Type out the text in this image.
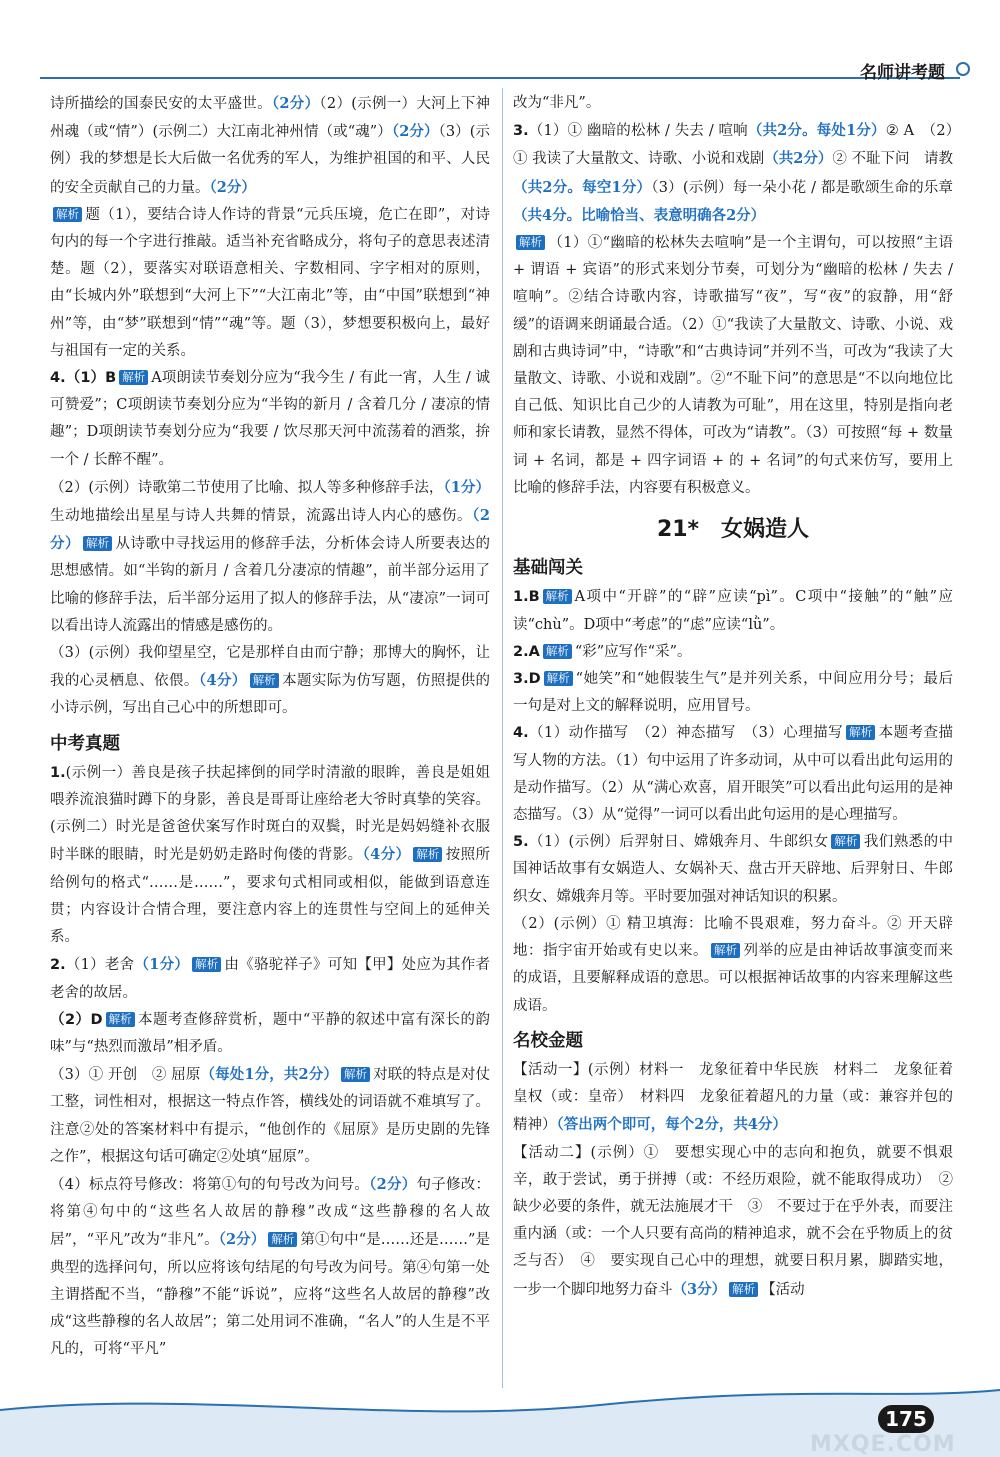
名师讲考题

诗所描绘的国泰民安的太平盛世。（2分）（2）(示例一）大河上下神州魂（或“情”）(示例二）大江南北神州情（或“魂”）（2分）（3）(示例）我的梦想是长大后做一名优秀的军人，为维护祖国的和平、人民的安全贡献自己的力量。（2分）

解析 题（1），要结合诗人作诗的背景“元兵压境，危亡在即”，对诗句内的每一个字进行推敲。适当补充省略成分，将句子的意思表述清楚。题（2），要落实对联语意相关、字数相同、字字相对的原则，由“长城内外”联想到“大河上下”“大江南北”等，由“中国”联想到“神州”等，由“梦”联想到“情”“魂”等。题（3），梦想要积极向上，最好与祖国有一定的关系。

4.（1）B 解析 A项朗读节奏划分应为“我今生 / 有此一宵，人生 / 诚可赞爱”；C项朗读节奏划分应为“半钩的新月 / 含着几分 / 凄凉的情趣”；D项朗读节奏划分应为“我要 / 饮尽那天河中流荡着的酒浆，拚一个 / 长醉不醒”。

（2）(示例）诗歌第二节使用了比喻、拟人等多种修辞手法，（1分）生动地描绘出星星与诗人共舞的情景，流露出诗人内心的感伤。（2分） 解析 从诗歌中寻找运用的修辞手法，分析体会诗人所要表达的思想感情。如“半钩的新月 / 含着几分凄凉的情趣”，前半部分运用了比喻的修辞手法，后半部分运用了拟人的修辞手法，从“凄凉”一词可以看出诗人流露出的情感是感伤的。

（3）(示例）我仰望星空，它是那样自由而宁静；那博大的胸怀，让我的心灵栖息、依偎。（4分） 解析 本题实际为仿写题，仿照提供的小诗示例，写出自己心中的所想即可。

中考真题

1.(示例一）善良是孩子扶起摔倒的同学时清澈的眼眸，善良是姐姐喂养流浪猫时蹲下的身影，善良是哥哥让座给老大爷时真挚的笑容。(示例二）时光是爸爸伏案写作时斑白的双鬓，时光是妈妈缝补衣服时半眯的眼睛，时光是奶奶走路时佝偻的背影。（4分） 解析 按照所给例句的格式“……是……”，要求句式相同或相似，能做到语意连贯；内容设计合情合理，要注意内容上的连贯性与空间上的延伸关系。

2.（1）老舍（1分） 解析 由《骆驼祥子》可知【甲】处应为其作者老舍的故居。

（2）D 解析 本题考查修辞赏析，题中“平静的叙述中富有深长的韵味”与“热烈而激昂”相矛盾。

（3）① 开创　② 屈原（每处1分，共2分） 解析 对联的特点是对仗工整，词性相对，根据这一特点作答，横线处的词语就不难填写了。注意②处的答案材料中有提示，“他创作的《屈原》是历史剧的先锋之作”，根据这句话可确定②处填“屈原”。

（4）标点符号修改：将第①句的句号改为问号。（2分）句子修改：将第④句中的“这些名人故居的静穆”改成“这些静穆的名人故居”，“平凡”改为“非凡”。（2分） 解析 第①句中“是……还是……”是典型的选择问句，所以应将该句结尾的句号改为问号。第④句第一处主谓搭配不当，“静穆”不能“诉说”，应将“这些名人故居的静穆”改成“这些静穆的名人故居”；第二处用词不准确，“名人”的人生是不平凡的，可将“平凡”

改为“非凡”。

3.（1）① 幽暗的松林 / 失去 / 喧响（共2分。每处1分）② A　（2）① 我读了大量散文、诗歌、小说和戏剧（共2分）② 不耻下问　请教（共2分。每空1分）（3）(示例）每一朵小花 / 都是歌颂生命的乐章（共4分。比喻恰当、表意明确各2分）

解析 （1）①“幽暗的松林失去喧响”是一个主谓句，可以按照“主语 + 谓语 + 宾语”的形式来划分节奏，可划分为“幽暗的松林 / 失去 / 喧响”。②结合诗歌内容，诗歌描写“夜”，写“夜”的寂静，用“舒缓”的语调来朗诵最合适。（2）①“我读了大量散文、诗歌、小说、戏剧和古典诗词”中，“诗歌”和“古典诗词”并列不当，可改为“我读了大量散文、诗歌、小说和戏剧”。②“不耻下问”的意思是“不以向地位比自己低、知识比自己少的人请教为可耻”，用在这里，特别是指向老师和家长请教，显然不得体，可改为“请教”。（3）可按照“每 + 数量词 + 名词，都是 + 四字词语 + 的 + 名词”的句式来仿写，要用上比喻的修辞手法，内容要有积极意义。

21*　女娲造人
基础闯关

1.B 解析 A项中“开辟”的“辟”应读“pì”。C项中“接触”的“触”应读“chù”。D项中“考虑”的“虑”应读“lǜ”。

2.A 解析 “彩”应写作“采”。

3.D 解析 “她笑”和“她假装生气”是并列关系，中间应用分号；最后一句是对上文的解释说明，应用冒号。

4.（1）动作描写　（2）神态描写　（3）心理描写 解析 本题考查描写人物的方法。（1）句中运用了许多动词，从中可以看出此句运用的是动作描写。（2）从“满心欢喜，眉开眼笑”可以看出此句运用的是神态描写。（3）从“觉得”一词可以看出此句运用的是心理描写。

5.（1）(示例）后羿射日、嫦娥奔月、牛郎织女 解析 我们熟悉的中国神话故事有女娲造人、女娲补天、盘古开天辟地、后羿射日、牛郎织女、嫦娥奔月等。平时要加强对神话知识的积累。

（2）(示例）① 精卫填海：比喻不畏艰难，努力奋斗。② 开天辟地：指宇宙开始或有史以来。 解析 列举的应是由神话故事演变而来的成语，且要解释成语的意思。可以根据神话故事的内容来理解这些成语。

名校金题

【活动一】(示例）材料一　龙象征着中华民族　材料二　龙象征着皇权（或：皇帝）　材料四　龙象征着超凡的力量（或：兼容并包的精神）（答出两个即可，每个2分，共4分）

【活动二】(示例）①　要想实现心中的志向和抱负，就要不惧艰辛，敢于尝试，勇于拼搏（或：不经历艰险，就不能取得成功）　②　缺少必要的条件，就无法施展才干　③　不要过于在乎外表，而要注重内涵（或：一个人只要有高尚的精神追求，就不会在乎物质上的贫乏与否）　④　要实现自己心中的理想，就要日积月累，脚踏实地，一步一个脚印地努力奋斗（3分） 解析 【活动

175
MXQE.COM
